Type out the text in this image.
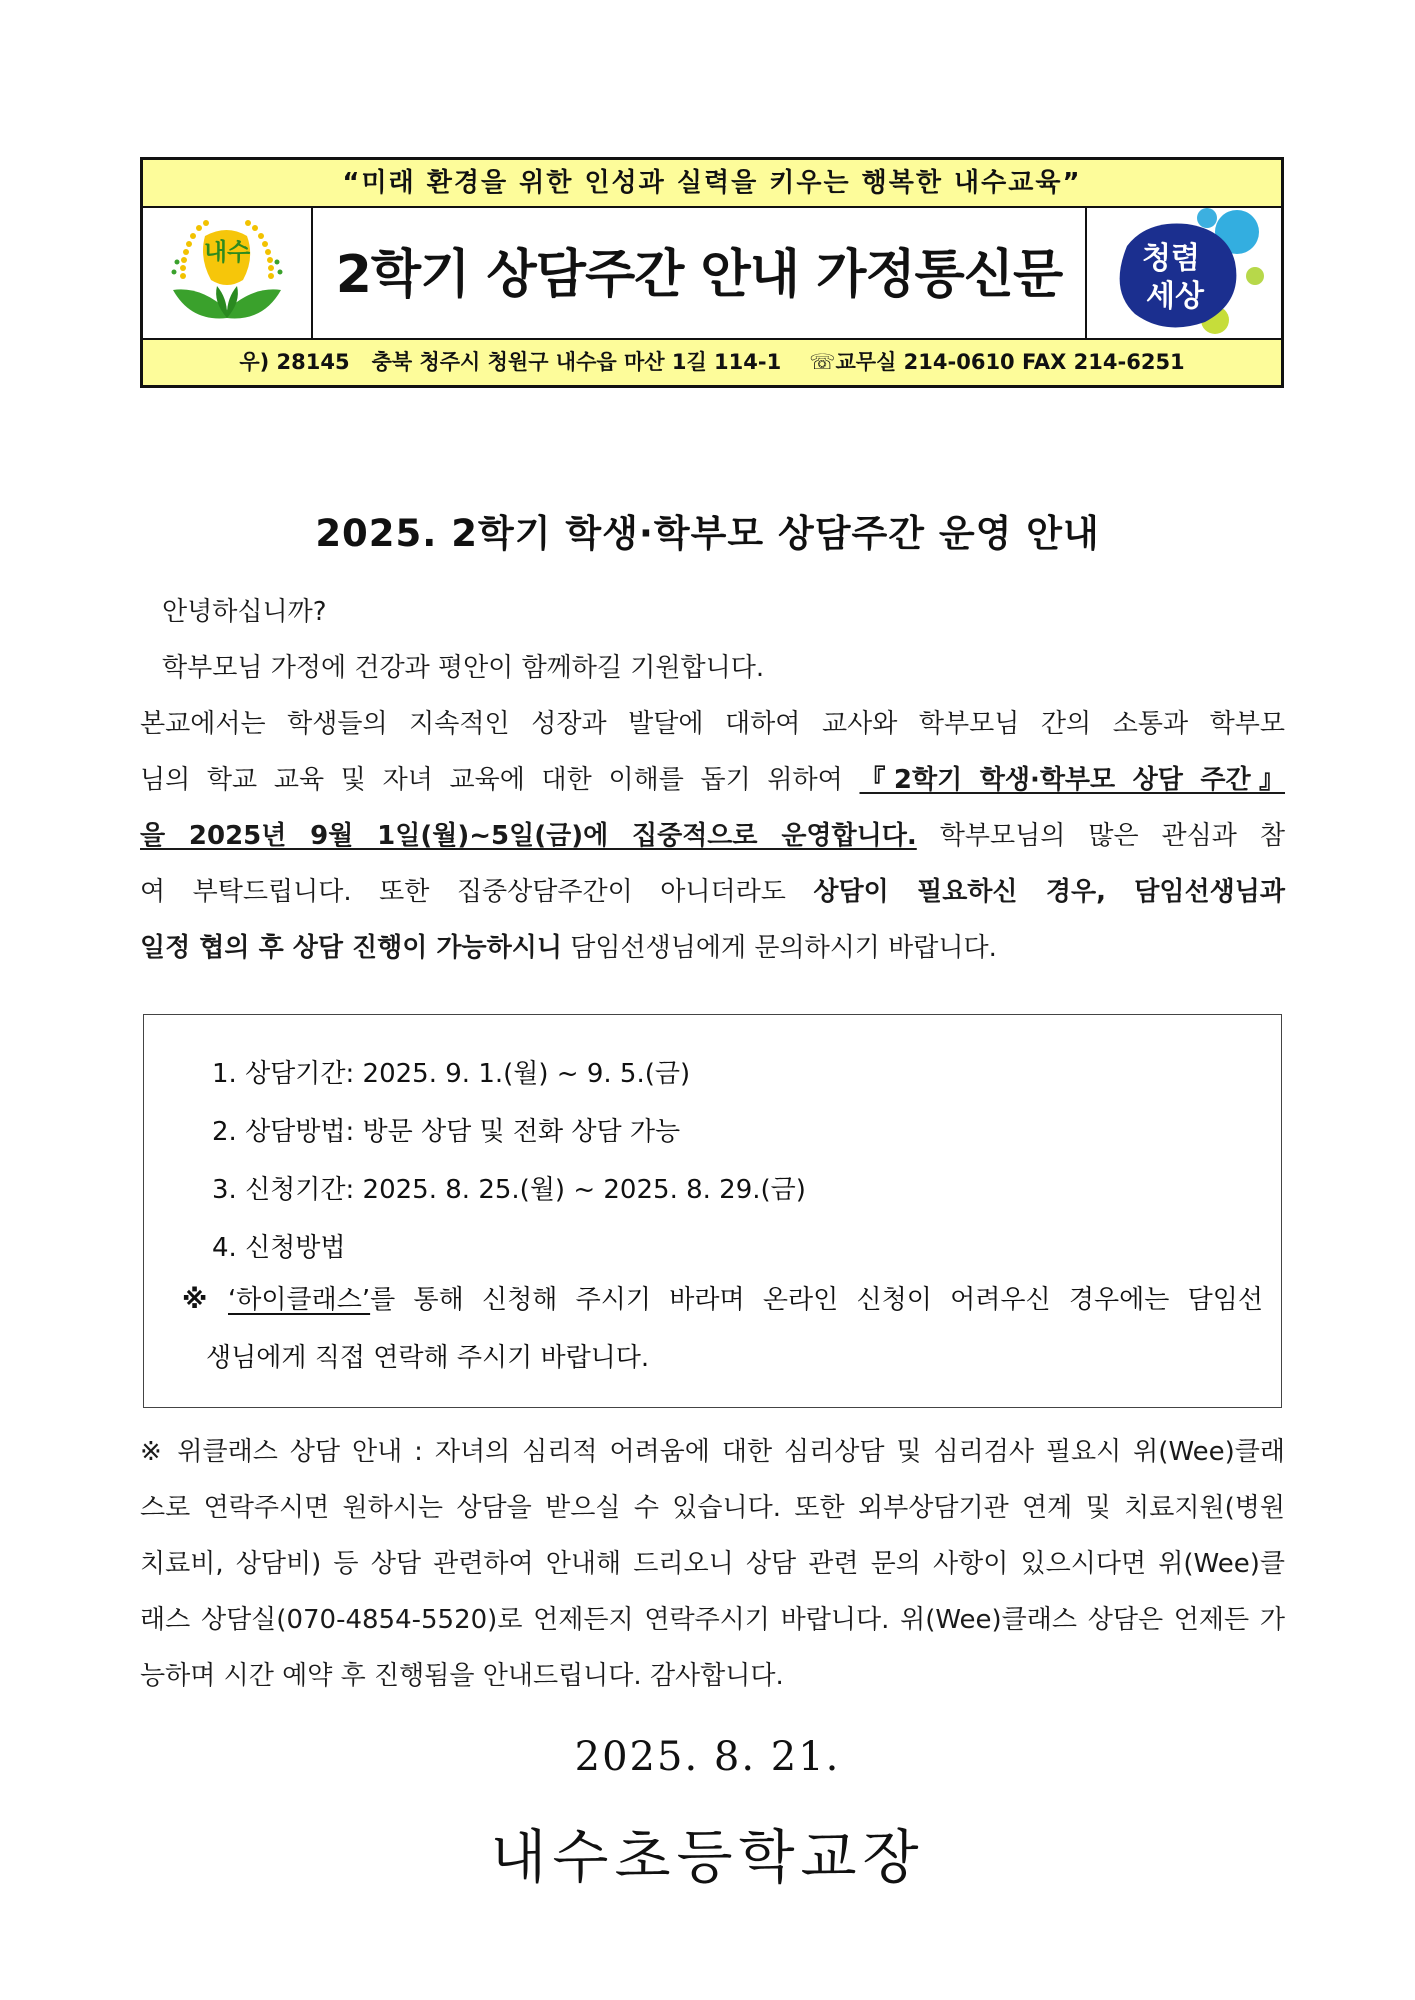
“미래 환경을 위한 인성과 실력을 키우는 행복한 내수교육”
내수	2학기 상담주간 안내 가정통신문	청렴
세상
우) 28145 충북 청주시 청원구 내수읍 마산 1길 114-1 ☏교무실 214-0610 FAX 214-6251
2025. 2학기 학생·학부모 상담주간 운영 안내
안녕하십니까?
학부모님 가정에 건강과 평안이 함께하길 기원합니다.
본교에서는 학생들의 지속적인 성장과 발달에 대하여 교사와 학부모님 간의 소통과 학부모
님의 학교 교육 및 자녀 교육에 대한 이해를 돕기 위하여 『2학기 학생·학부모 상담 주간』
을 2025년 9월 1일(월)~5일(금)에 집중적으로 운영합니다. 학부모님의 많은 관심과 참
여 부탁드립니다. 또한 집중상담주간이 아니더라도 상담이 필요하신 경우, 담임선생님과
일정 협의 후 상담 진행이 가능하시니 담임선생님에게 문의하시기 바랍니다.
1. 상담기간: 2025. 9. 1.(월) ~ 9. 5.(금)
2. 상담방법: 방문 상담 및 전화 상담 가능
3. 신청기간: 2025. 8. 25.(월) ~ 2025. 8. 29.(금)
4. 신청방법
※ ‘하이클래스’를 통해 신청해 주시기 바라며 온라인 신청이 어려우신 경우에는 담임선
생님에게 직접 연락해 주시기 바랍니다.
※ 위클래스 상담 안내 : 자녀의 심리적 어려움에 대한 심리상담 및 심리검사 필요시 위(Wee)클래
스로 연락주시면 원하시는 상담을 받으실 수 있습니다. 또한 외부상담기관 연계 및 치료지원(병원
치료비, 상담비) 등 상담 관련하여 안내해 드리오니 상담 관련 문의 사항이 있으시다면 위(Wee)클
래스 상담실(070-4854-5520)로 언제든지 연락주시기 바랍니다. 위(Wee)클래스 상담은 언제든 가
능하며 시간 예약 후 진행됨을 안내드립니다. 감사합니다.
2025. 8. 21.
내수초등학교장
